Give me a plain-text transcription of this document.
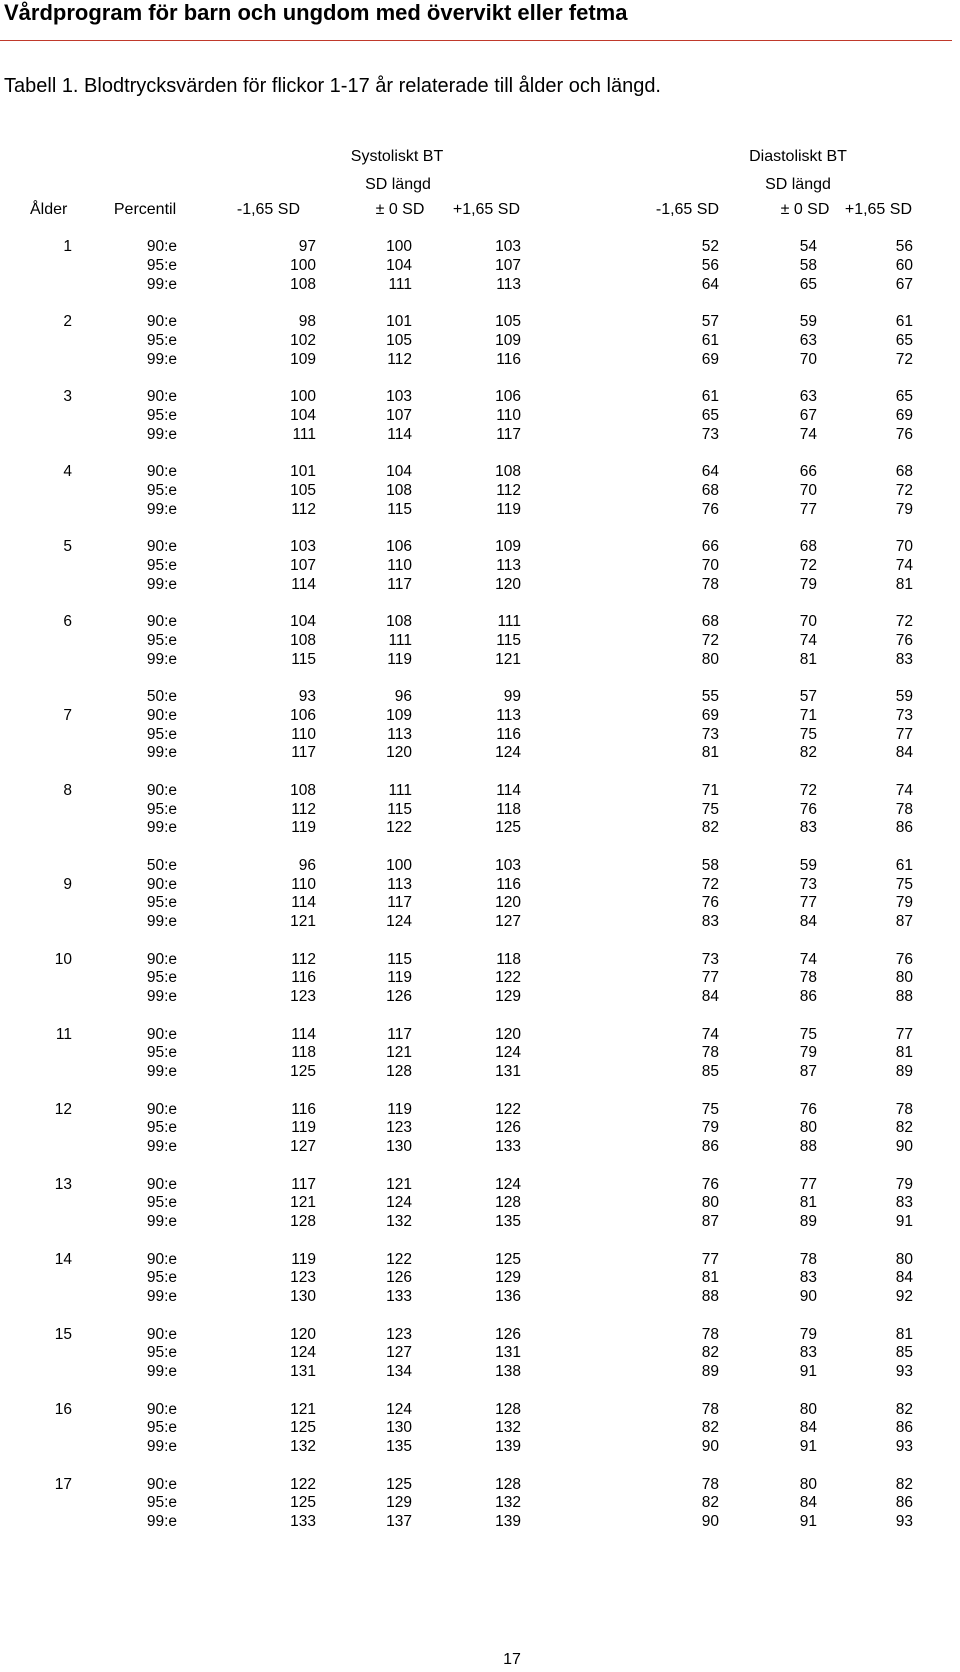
Vårdprogram för barn och ungdom med övervikt eller fetma
Tabell 1. Blodtrycksvärden för flickor 1-17 år relaterade till ålder och längd.
Systoliskt BT
SD längd
Diastoliskt BT
SD längd
Ålder	Percentil	-1,65 SD	± 0 SD	+1,65 SD	-1,65 SD	± 0 SD +1,65 SD
1	90:e	97	100	103	52	54	56
95:e	100	104	107	56	58	60
99:e	108	111	113	64	65	67
2	90:e	98	101	105	57	59	61
95:e	102	105	109	61	63	65
99:e	109	112	116	69	70	72
3	90:e	100	103	106	61	63	65
95:e	104	107	110	65	67	69
99:e	111	114	117	73	74	76
4	90:e	101	104	108	64	66	68
95:e	105	108	112	68	70	72
99:e	112	115	119	76	77	79
5	90:e	103	106	109	66	68	70
95:e	107	110	113	70	72	74
99:e	114	117	120	78	79	81
6	90:e	104	108	111	68	70	72
95:e	108	111	115	72	74	76
99:e	115	119	121	80	81	83
50:e	93	96	99	55	57	59
7	90:e	106	109	113	69	71	73
95:e	110	113	116	73	75	77
99:e	117	120	124	81	82	84
8	90:e	108	111	114	71	72	74
95:e	112	115	118	75	76	78
99:e	119	122	125	82	83	86
50:e	96	100	103	58	59	61
9	90:e	110	113	116	72	73	75
95:e	114	117	120	76	77	79
99:e	121	124	127	83	84	87
10	90:e	112	115	118	73	74	76
95:e	116	119	122	77	78	80
99:e	123	126	129	84	86	88
11	90:e	114	117	120	74	75	77
95:e	118	121	124	78	79	81
99:e	125	128	131	85	87	89
12	90:e	116	119	122	75	76	78
95:e	119	123	126	79	80	82
99:e	127	130	133	86	88	90
13	90:e	117	121	124	76	77	79
95:e	121	124	128	80	81	83
99:e	128	132	135	87	89	91
14	90:e	119	122	125	77	78	80
95:e	123	126	129	81	83	84
99:e	130	133	136	88	90	92
15	90:e	120	123	126	78	79	81
95:e	124	127	131	82	83	85
99:e	131	134	138	89	91	93
16	90:e	121	124	128	78	80	82
95:e	125	130	132	82	84	86
99:e	132	135	139	90	91	93
17	90:e	122	125	128	78	80	82
95:e	125	129	132	82	84	86
99:e	133	137	139	90	91	93
17
